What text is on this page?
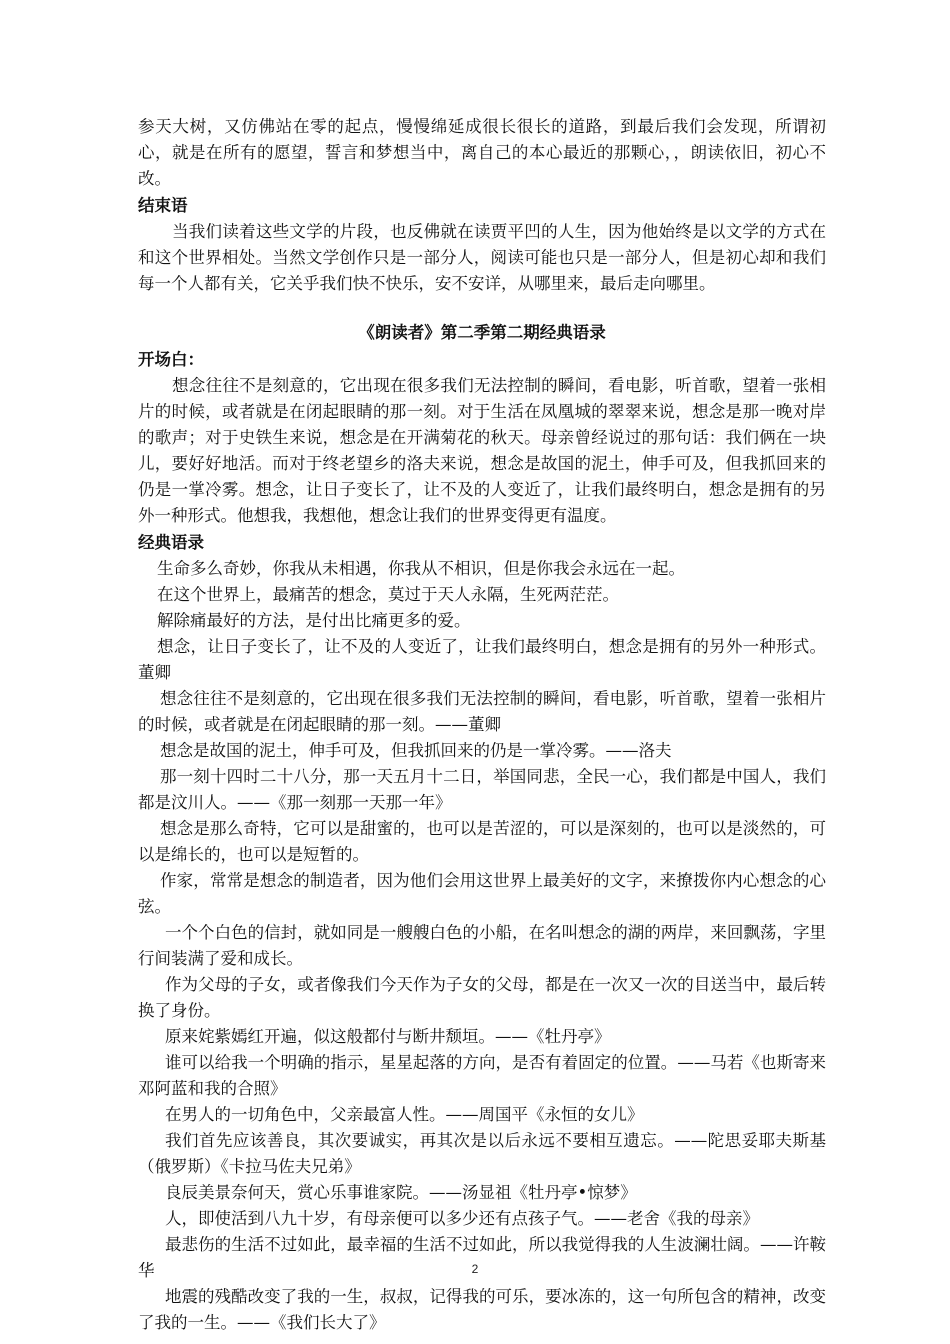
参天大树，又仿佛站在零的起点，慢慢绵延成很长很长的道路，到最后我们会发现，所谓初心，就是在所有的愿望，誓言和梦想当中，离自己的本心最近的那颗心，，朗读依旧，初心不改。

结束语

当我们读着这些文学的片段，也反佛就在读贾平凹的人生，因为他始终是以文学的方式在和这个世界相处。当然文学创作只是一部分人，阅读可能也只是一部分人，但是初心却和我们每一个人都有关，它关乎我们快不快乐，安不安详，从哪里来，最后走向哪里。

《朗读者》第二季第二期经典语录

开场白：

想念往往不是刻意的，它出现在很多我们无法控制的瞬间，看电影，听首歌，望着一张相片的时候，或者就是在闭起眼睛的那一刻。对于生活在凤凰城的翠翠来说，想念是那一晚对岸的歌声；对于史铁生来说，想念是在开满菊花的秋天。母亲曾经说过的那句话：我们俩在一块儿，要好好地活。而对于终老望乡的洛夫来说，想念是故国的泥土，伸手可及，但我抓回来的仍是一掌冷雾。想念，让日子变长了，让不及的人变近了，让我们最终明白，想念是拥有的另外一种形式。他想我，我想他，想念让我们的世界变得更有温度。

经典语录

生命多么奇妙，你我从未相遇，你我从不相识，但是你我会永远在一起。

在这个世界上，最痛苦的想念，莫过于天人永隔，生死两茫茫。

解除痛最好的方法，是付出比痛更多的爱。

想念，让日子变长了，让不及的人变近了，让我们最终明白，想念是拥有的另外一种形式。董卿

想念往往不是刻意的，它出现在很多我们无法控制的瞬间，看电影，听首歌，望着一张相片的时候，或者就是在闭起眼睛的那一刻。——董卿

想念是故国的泥土，伸手可及，但我抓回来的仍是一掌冷雾。——洛夫

那一刻十四时二十八分，那一天五月十二日，举国同悲，全民一心，我们都是中国人，我们都是汶川人。——《那一刻那一天那一年》

想念是那么奇特，它可以是甜蜜的，也可以是苦涩的，可以是深刻的，也可以是淡然的，可以是绵长的，也可以是短暂的。

作家，常常是想念的制造者，因为他们会用这世界上最美好的文字，来撩拨你内心想念的心弦。

一个个白色的信封，就如同是一艘艘白色的小船，在名叫想念的湖的两岸，来回飘荡，字里行间装满了爱和成长。

作为父母的子女，或者像我们今天作为子女的父母，都是在一次又一次的目送当中，最后转换了身份。

原来姹紫嫣红开遍，似这般都付与断井颓垣。——《牡丹亭》

谁可以给我一个明确的指示，星星起落的方向，是否有着固定的位置。——马若《也斯寄来邓阿蓝和我的合照》

在男人的一切角色中，父亲最富人性。——周国平《永恒的女儿》

我们首先应该善良，其次要诚实，再其次是以后永远不要相互遗忘。——陀思妥耶夫斯基（俄罗斯）《卡拉马佐夫兄弟》

良辰美景奈何天，赏心乐事谁家院。——汤显祖《牡丹亭•惊梦》

人，即使活到八九十岁，有母亲便可以多少还有点孩子气。——老舍《我的母亲》

最悲伤的生活不过如此，最幸福的生活不过如此，所以我觉得我的人生波澜壮阔。——许鞍华

地震的残酷改变了我的一生，叔叔，记得我的可乐，要冰冻的，这一句所包含的精神，改变了我的一生。——《我们长大了》

2
